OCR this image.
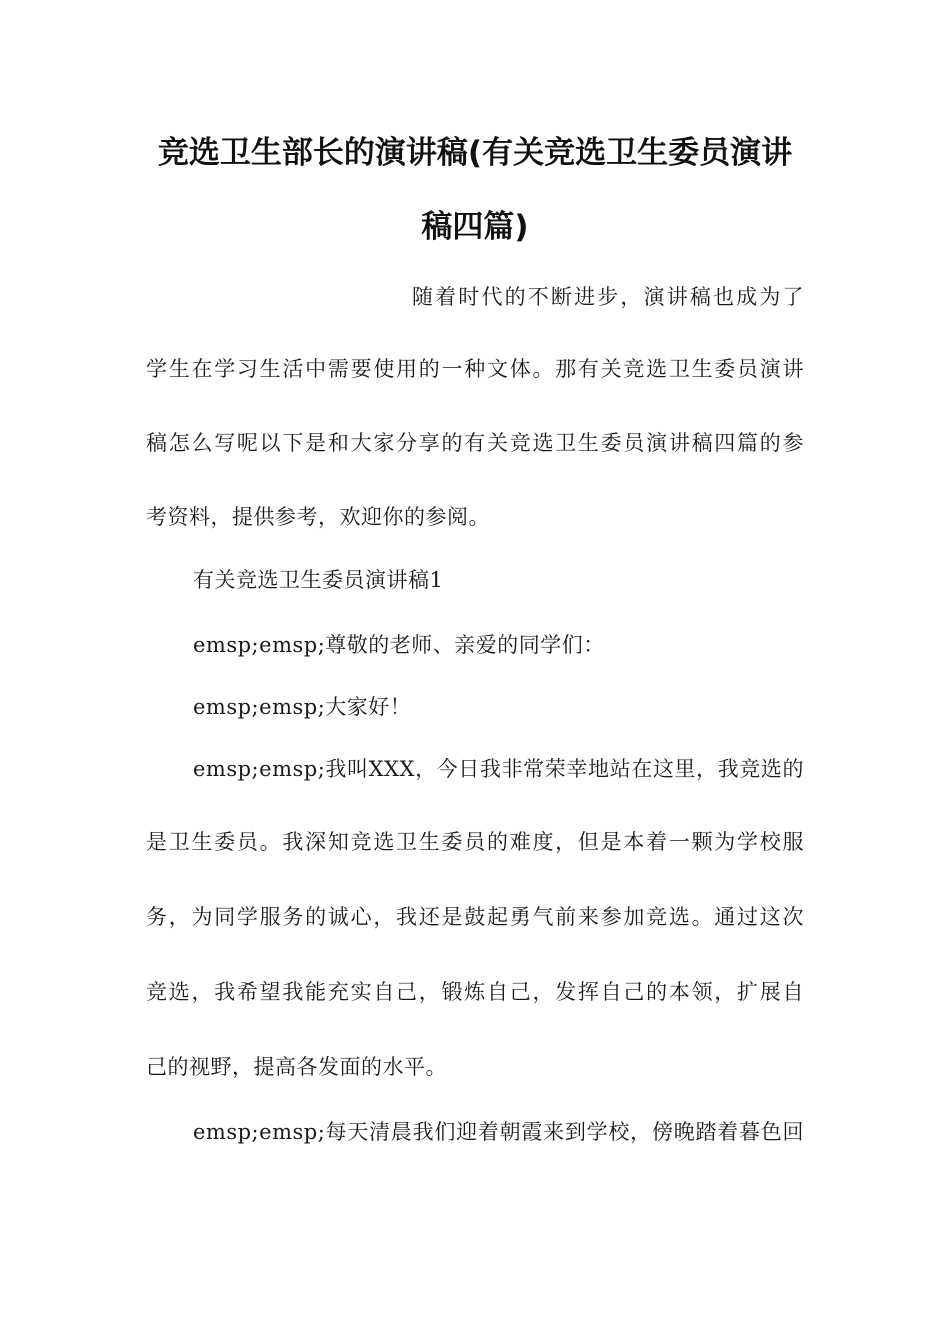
竞选卫生部长的演讲稿(有关竞选卫生委员演讲
稿四篇)
随着时代的不断进步，演讲稿也成为了
学生在学习生活中需要使用的一种文体。那有关竞选卫生委员演讲
稿怎么写呢以下是和大家分享的有关竞选卫生委员演讲稿四篇的参
考资料，提供参考，欢迎你的参阅。
有关竞选卫生委员演讲稿1
emsp;emsp;尊敬的老师、亲爱的同学们：
emsp;emsp;大家好！
emsp;emsp;我叫XXX，今日我非常荣幸地站在这里，我竞选的
是卫生委员。我深知竞选卫生委员的难度，但是本着一颗为学校服
务，为同学服务的诚心，我还是鼓起勇气前来参加竞选。通过这次
竞选，我希望我能充实自己，锻炼自己，发挥自己的本领，扩展自
己的视野，提高各发面的水平。
emsp;emsp;每天清晨我们迎着朝霞来到学校，傍晚踏着暮色回
